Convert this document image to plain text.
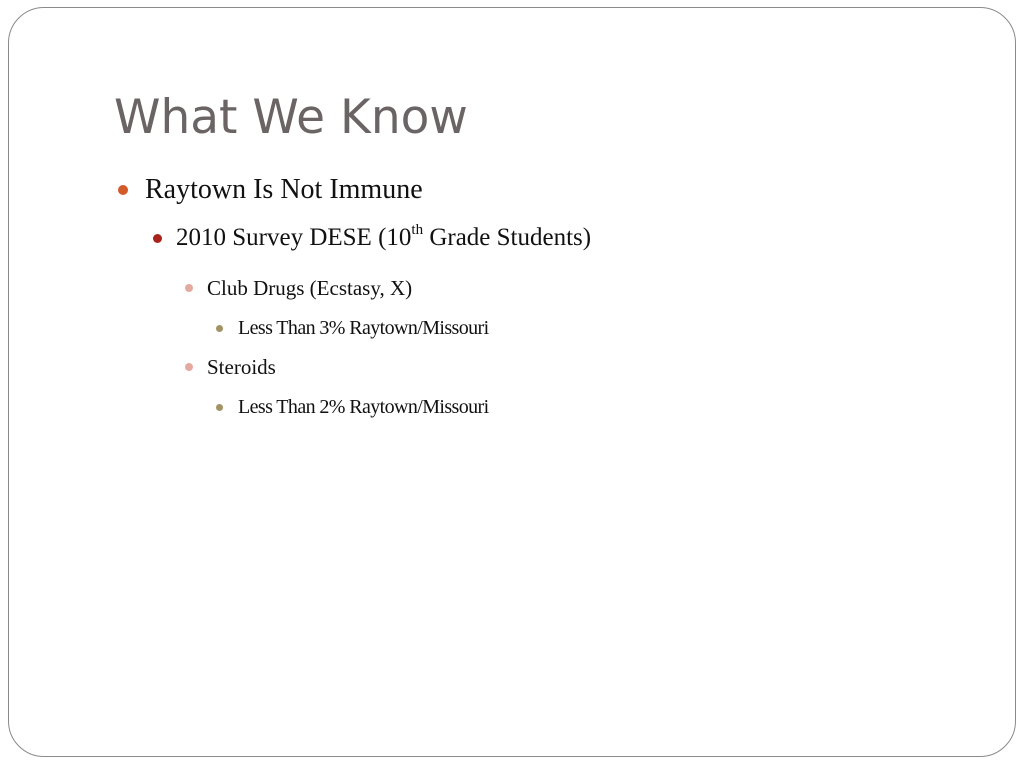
What We Know
Raytown Is Not Immune
2010 Survey DESE (10th Grade Students)
Club Drugs (Ecstasy, X)
Less Than 3% Raytown/Missouri
Steroids
Less Than 2% Raytown/Missouri
